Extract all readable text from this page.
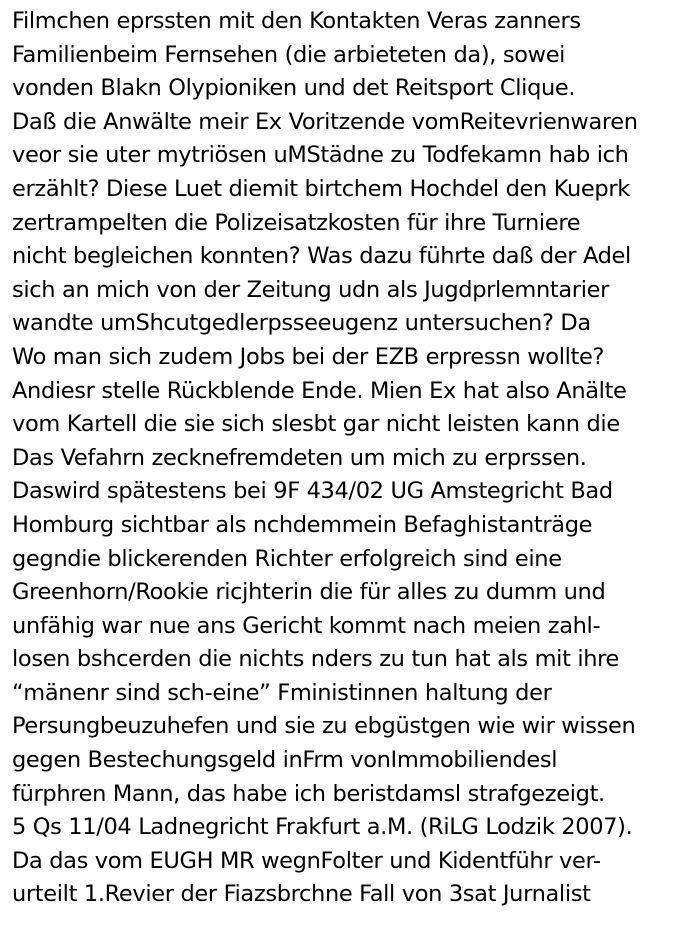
Filmchen eprssten mit den Kontakten Veras zanners
Familienbeim Fernsehen (die arbieteten da), sowei
vonden Blakn Olypioniken und det Reitsport Clique.
Daß die Anwälte meir Ex Voritzende vomReitevrienwaren
veor sie uter mytriösen uMStädne zu Todfekamn hab ich
erzählt? Diese Luet diemit birtchem Hochdel den Kueprk
zertrampelten die Polizeisatzkosten für ihre Turniere
nicht begleichen konnten? Was dazu führte daß der Adel
sich an mich von der Zeitung udn als Jugdprlemntarier
wandte umShcutgedlerpsseeugenz untersuchen? Da
Wo man sich zudem Jobs bei der EZB erpressn wollte?
Andiesr stelle Rückblende Ende. Mien Ex hat also Anälte
vom Kartell die sie sich slesbt gar nicht leisten kann die
Das Vefahrn zecknefremdeten um mich zu erprssen.
Daswird spätestens bei 9F 434/02 UG Amstegricht Bad
Homburg sichtbar als nchdemmein Befaghistanträge
gegndie blickerenden Richter erfolgreich sind eine
Greenhorn/Rookie ricjhterin die für alles zu dumm und
unfähig war nue ans Gericht kommt nach meien zahl-
losen bshcerden die nichts nders zu tun hat als mit ihre
“mänenr sind sch-eine” Fministinnen haltung der
Persungbeuzuhefen und sie zu ebgüstgen wie wir wissen
gegen Bestechungsgeld inFrm vonImmobiliendesl
fürphren Mann, das habe ich beristdamsl strafgezeigt.
5 Qs 11/04 Ladnegricht Frakfurt a.M. (RiLG Lodzik 2007).
Da das vom EUGH MR wegnFolter und Kidentführ ver-
urteilt 1.Revier der Fiazsbrchne Fall von 3sat Jurnalist
